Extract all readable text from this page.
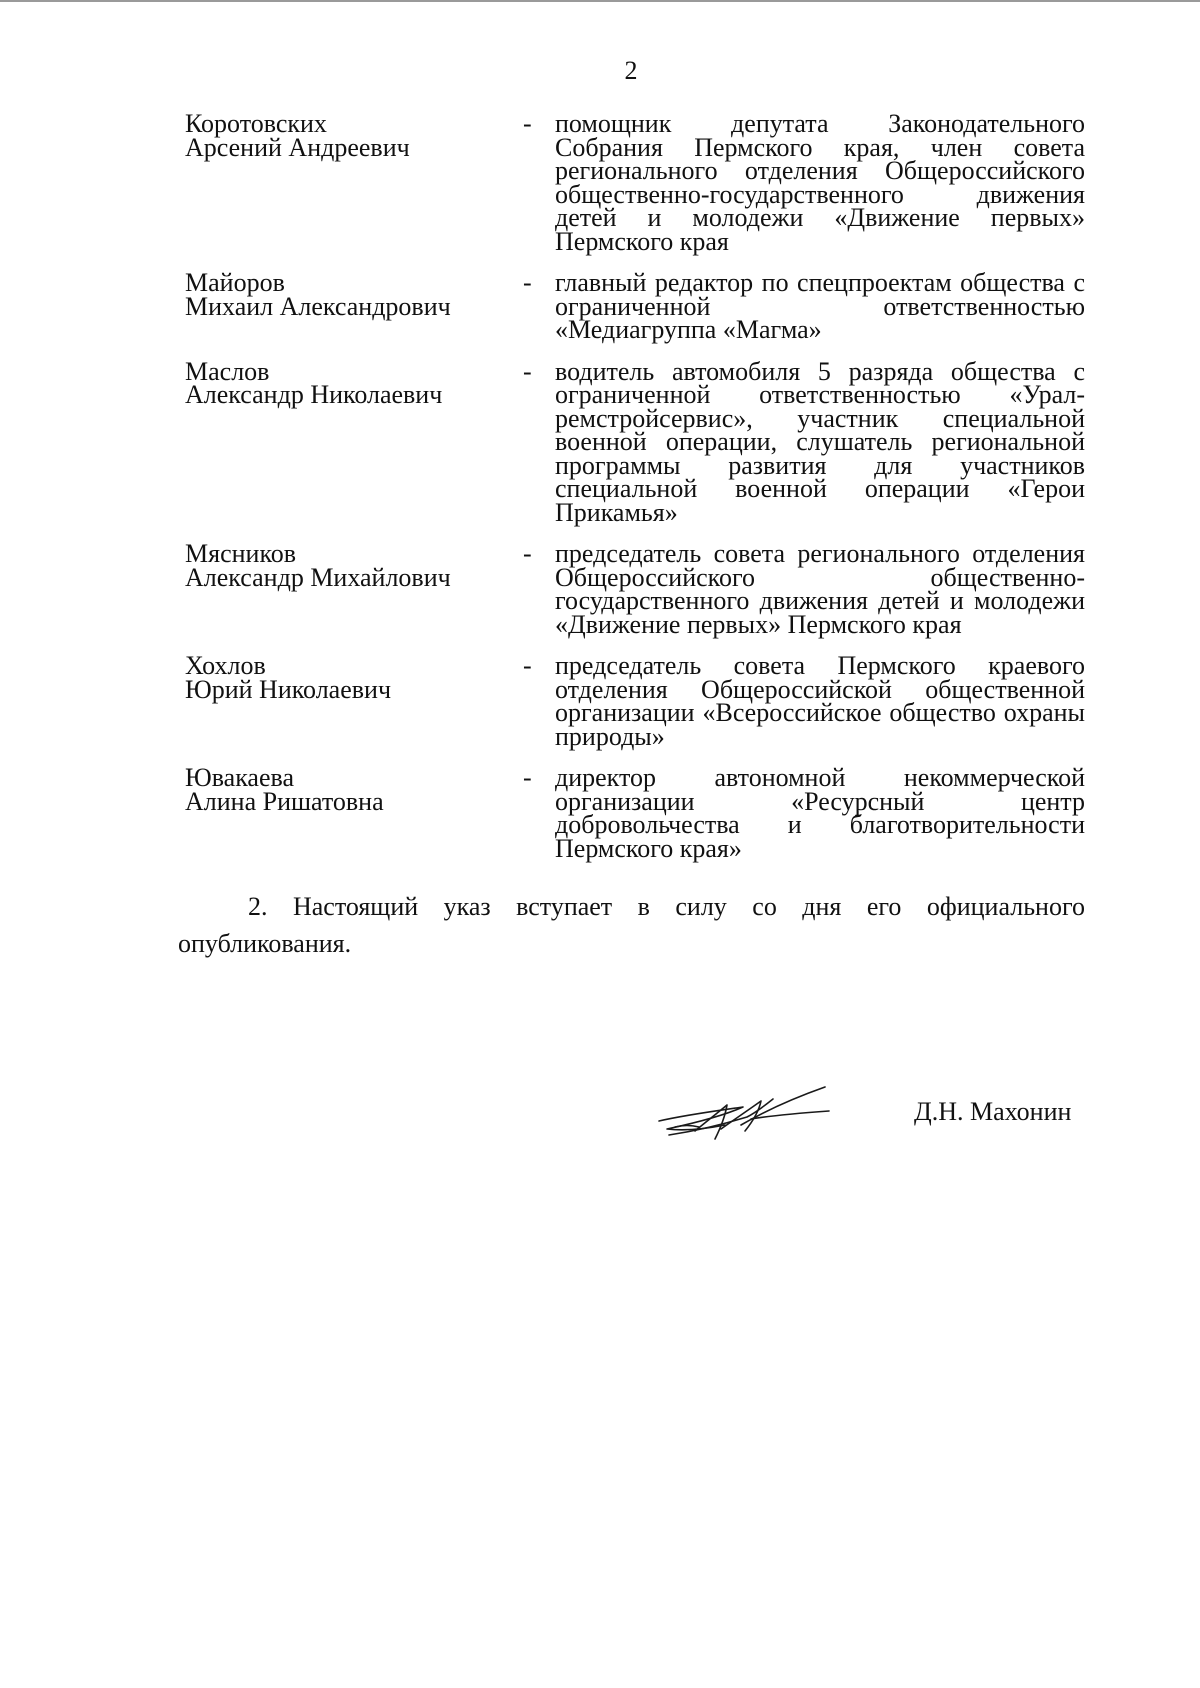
2
Коротовских
Арсений Андреевич
- помощник депутата Законодательного Собрания Пермского края, член совета регионального отделения Общероссийского общественно-государственного движения детей и молодежи «Движение первых» Пермского края
Майоров
Михаил Александрович
- главный редактор по спецпроектам общества с ограниченной ответственностью «Медиагруппа «Магма»
Маслов
Александр Николаевич
- водитель автомобиля 5 разряда общества с ограниченной ответственностью «Урал-ремстройсервис», участник специальной военной операции, слушатель региональной программы развития для участников специальной военной операции «Герои Прикамья»
Мясников
Александр Михайлович
- председатель совета регионального отделения Общероссийского общественно-государственного движения детей и молодежи «Движение первых» Пермского края
Хохлов
Юрий Николаевич
- председатель совета Пермского краевого отделения Общероссийской общественной организации «Всероссийское общество охраны природы»
Ювакаева
Алина Ришатовна
- директор автономной некоммерческой организации «Ресурсный центр добровольчества и благотворительности Пермского края»
2. Настоящий указ вступает в силу со дня его официального опубликования.
Д.Н. Махонин
